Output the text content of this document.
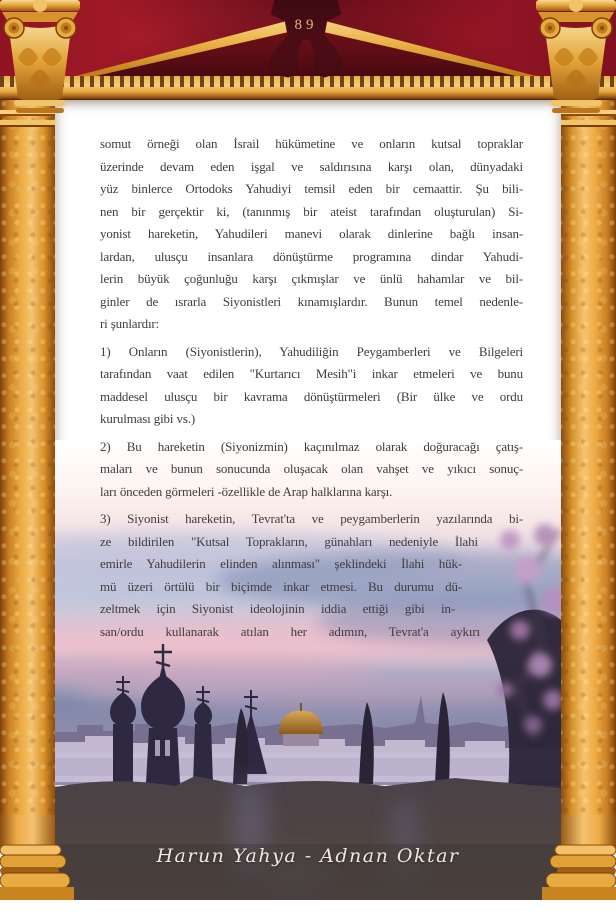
89
somut örneği olan İsrail hükümetine ve onların kutsal topraklar
üzerinde devam eden işgal ve saldırısına karşı olan, dünyadaki
yüz binlerce Ortodoks Yahudiyi temsil eden bir cemaattir. Şu bili-
nen bir gerçektir ki, (tanınmış bir ateist tarafından oluşturulan) Si-
yonist hareketin, Yahudileri manevi olarak dinlerine bağlı insan-
lardan, ulusçu insanlara dönüştürme programına dindar Yahudi-
lerin büyük çoğunluğu karşı çıkmışlar ve ünlü hahamlar ve bil-
ginler de ısrarla Siyonistleri kınamışlardır. Bunun temel nedenle-
ri şunlardır:
1) Onların (Siyonistlerin), Yahudiliğin Peygamberleri ve Bilgeleri
tarafından vaat edilen "Kurtarıcı Mesih"i inkar etmeleri ve bunu
maddesel ulusçu bir kavrama dönüştürmeleri (Bir ülke ve ordu
kurulması gibi vs.)
2) Bu hareketin (Siyonizmin) kaçınılmaz olarak doğuracağı çatış-
maları ve bunun sonucunda oluşacak olan vahşet ve yıkıcı sonuç-
ları önceden görmeleri -özellikle de Arap halklarına karşı.
3) Siyonist hareketin, Tevrat'ta ve peygamberlerin yazılarında bi-
ze bildirilen "Kutsal Toprakların, günahları nedeniyle İlahi
emirle Yahudilerin elinden alınması" şeklindeki İlahi hük-
mü üzeri örtülü bir biçimde inkar etmesi. Bu durumu dü-
zeltmek için Siyonist ideolojinin iddia ettiği gibi in-
san/ordu kullanarak atılan her adımın, Tevrat'a aykırı
Harun Yahya - Adnan Oktar
